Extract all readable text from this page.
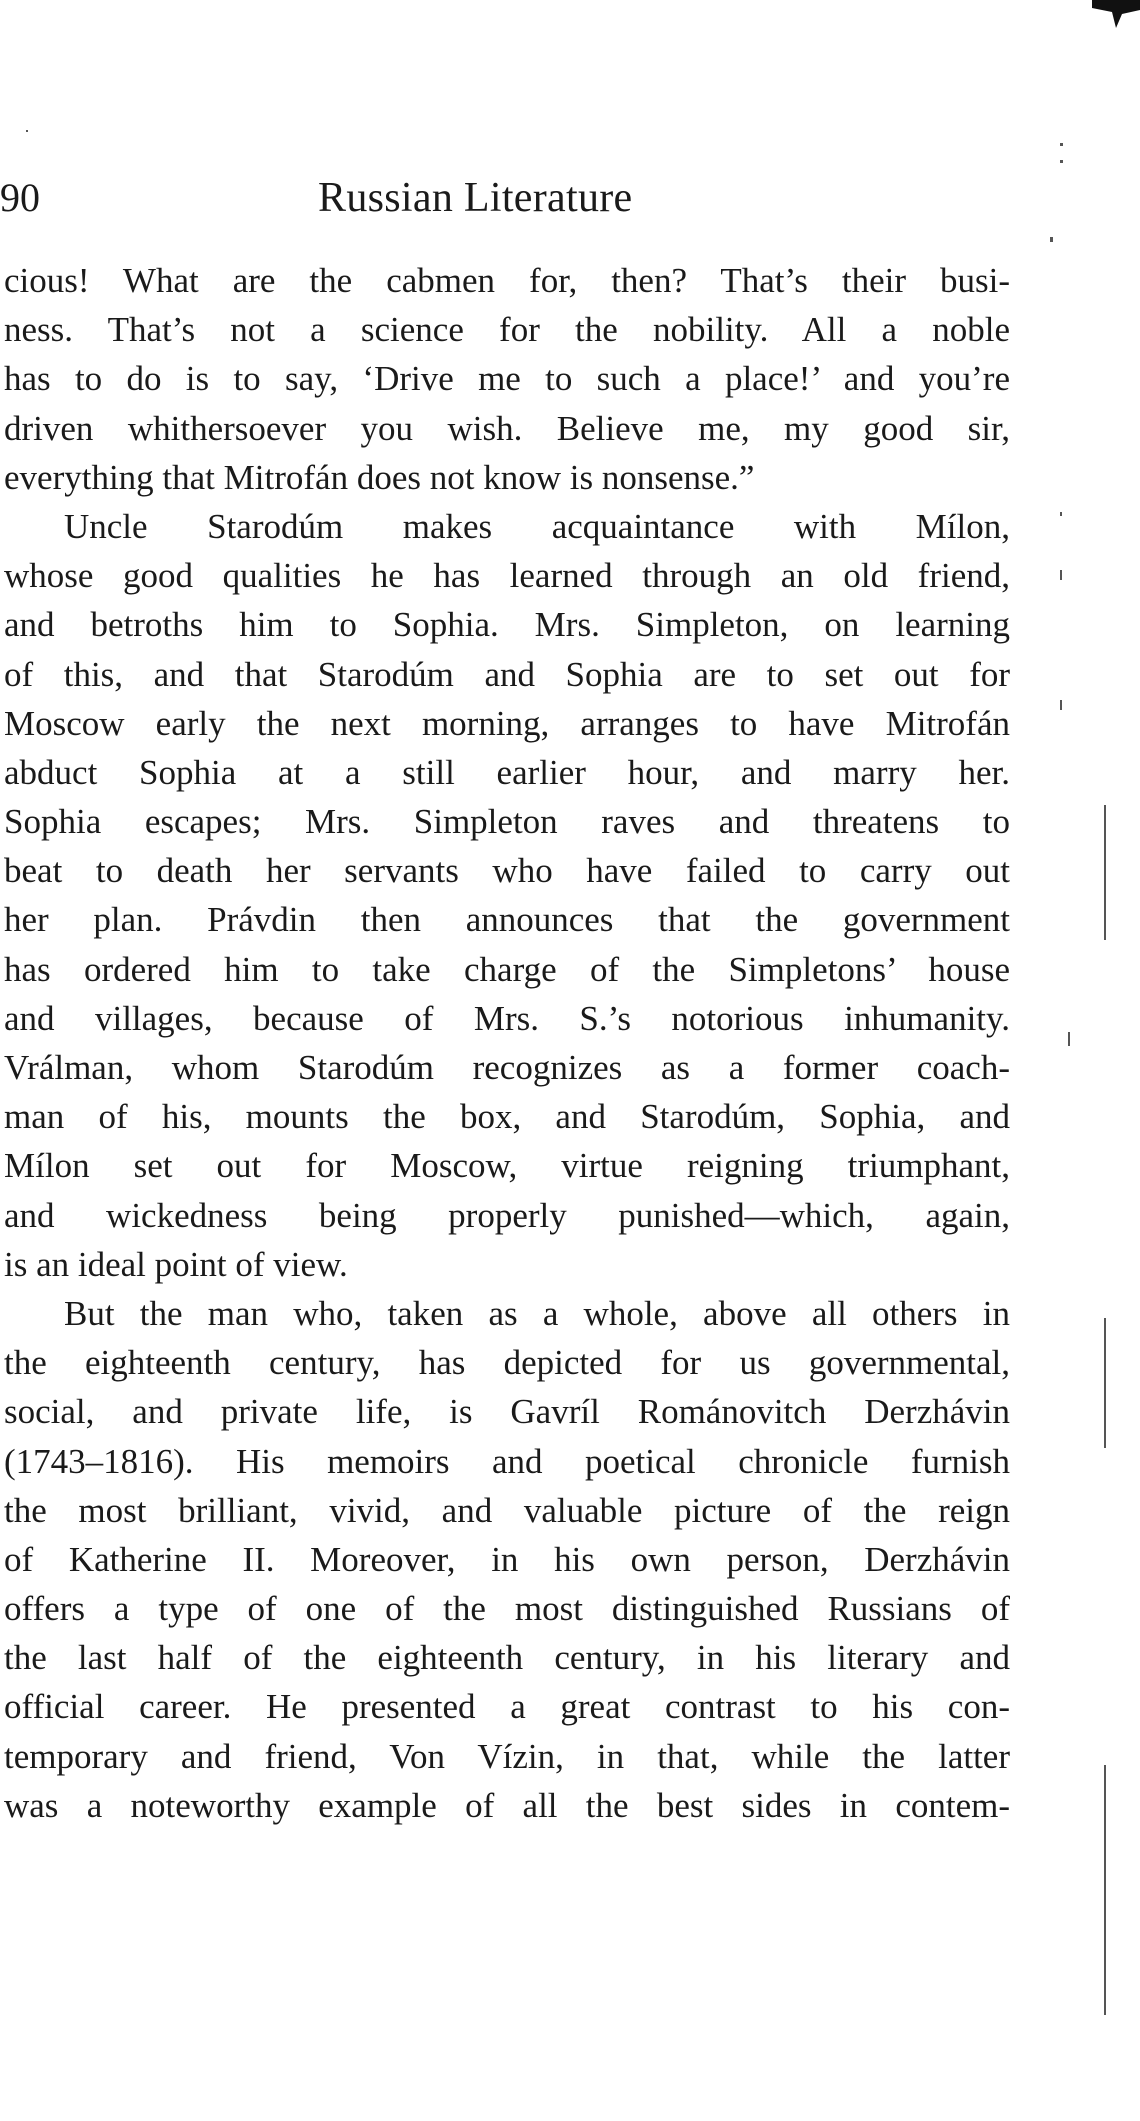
90	Russian Literature
cious! What are the cabmen for, then? That’s their busi-
ness. That’s not a science for the nobility. All a noble
has to do is to say, ‘Drive me to such a place!’ and you’re
driven whithersoever you wish. Believe me, my good sir,
everything that Mitrofán does not know is nonsense.”
Uncle Starodúm makes acquaintance with Mílon,
whose good qualities he has learned through an old friend,
and betroths him to Sophia. Mrs. Simpleton, on learning
of this, and that Starodúm and Sophia are to set out for
Moscow early the next morning, arranges to have Mitrofán
abduct Sophia at a still earlier hour, and marry her.
Sophia escapes; Mrs. Simpleton raves and threatens to
beat to death her servants who have failed to carry out
her plan. Právdin then announces that the government
has ordered him to take charge of the Simpletons’ house
and villages, because of Mrs. S.’s notorious inhumanity.
Vrálman, whom Starodúm recognizes as a former coach-
man of his, mounts the box, and Starodúm, Sophia, and
Mílon set out for Moscow, virtue reigning triumphant,
and wickedness being properly punished—which, again,
is an ideal point of view.
But the man who, taken as a whole, above all others in
the eighteenth century, has depicted for us governmental,
social, and private life, is Gavríl Románovitch Derzhávin
(1743–1816). His memoirs and poetical chronicle furnish
the most brilliant, vivid, and valuable picture of the reign
of Katherine II. Moreover, in his own person, Derzhávin
offers a type of one of the most distinguished Russians of
the last half of the eighteenth century, in his literary and
official career. He presented a great contrast to his con-
temporary and friend, Von Vízin, in that, while the latter
was a noteworthy example of all the best sides in contem-
